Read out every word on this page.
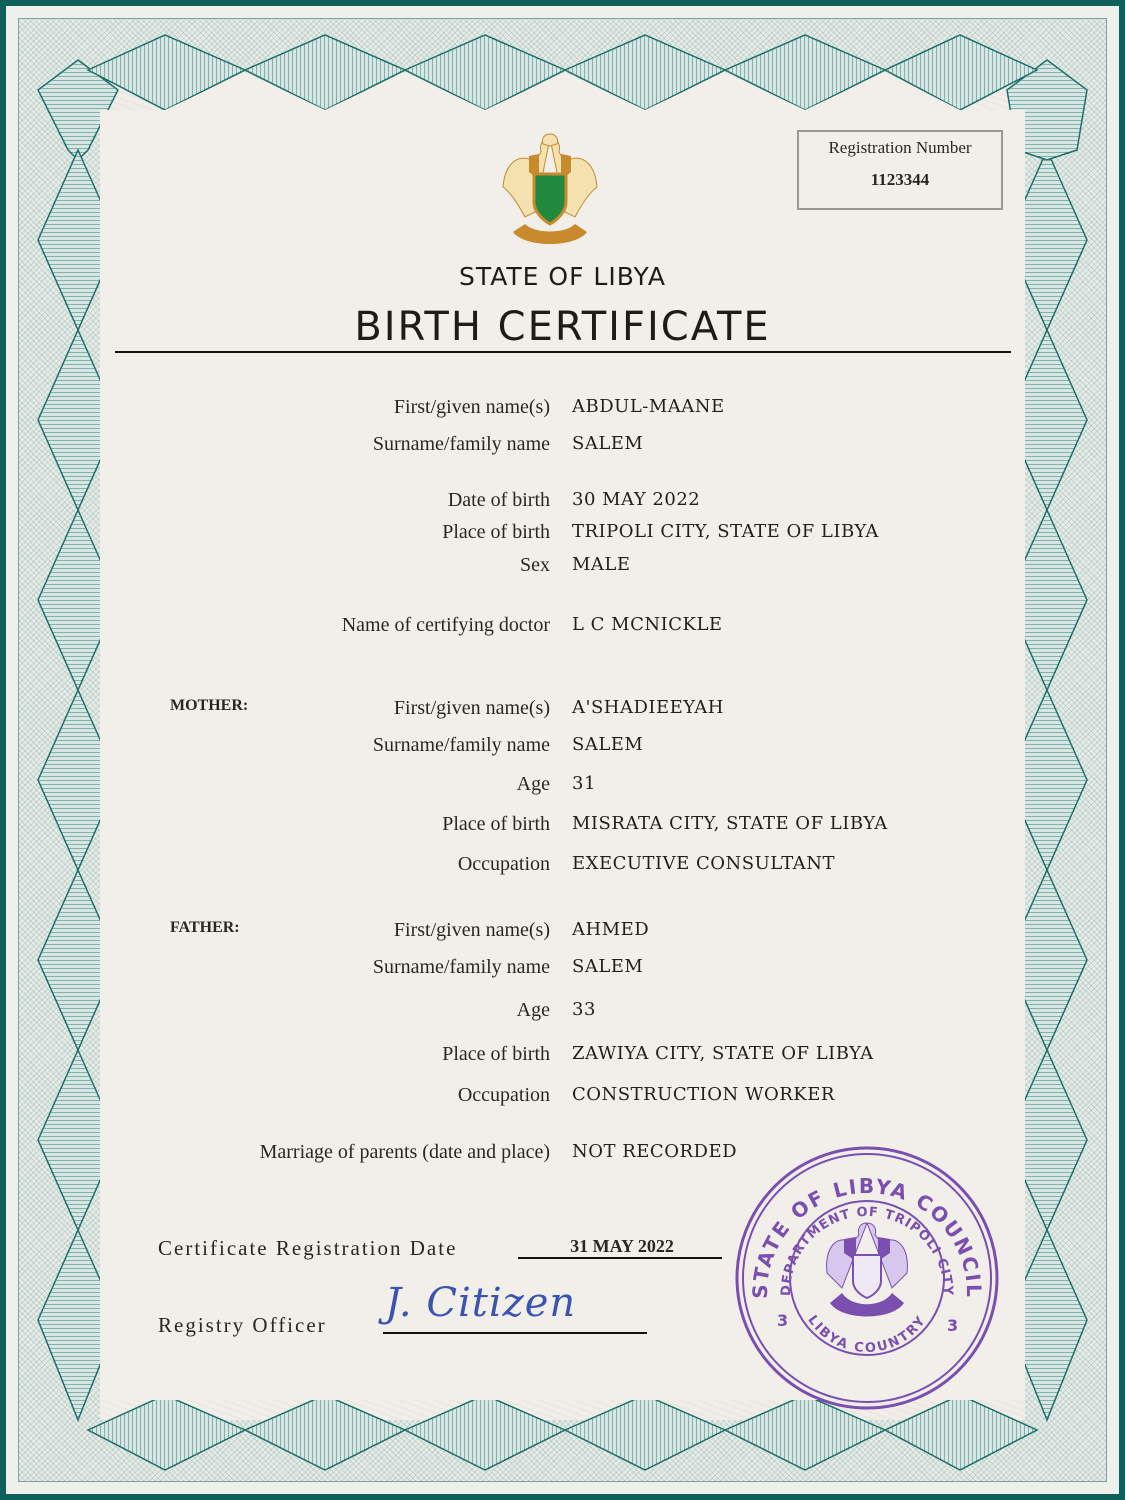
Registration Number
1123344
STATE OF LIBYA
BIRTH CERTIFICATE
First/given name(s) ABDUL-MAANE
Surname/family name SALEM
Date of birth 30 MAY 2022
Place of birth TRIPOLI CITY, STATE OF LIBYA
Sex MALE
Name of certifying doctor L C MCNICKLE
MOTHER:	First/given name(s) A'SHADIEEYAH
Surname/family name SALEM
Age 31
Place of birth MISRATA CITY, STATE OF LIBYA
Occupation EXECUTIVE CONSULTANT
FATHER:	First/given name(s) AHMED
Surname/family name SALEM
Age 33
Place of birth ZAWIYA CITY, STATE OF LIBYA
Occupation CONSTRUCTION WORKER
Marriage of parents (date and place) NOT RECORDED
Certificate Registration Date	31 MAY 2022
Registry Officer J. Citizen	STATE OF LIBYA COUNCIL
DEPARTMENT OF TRIPOLI CITY
LIBYA COUNTRY
3	3
